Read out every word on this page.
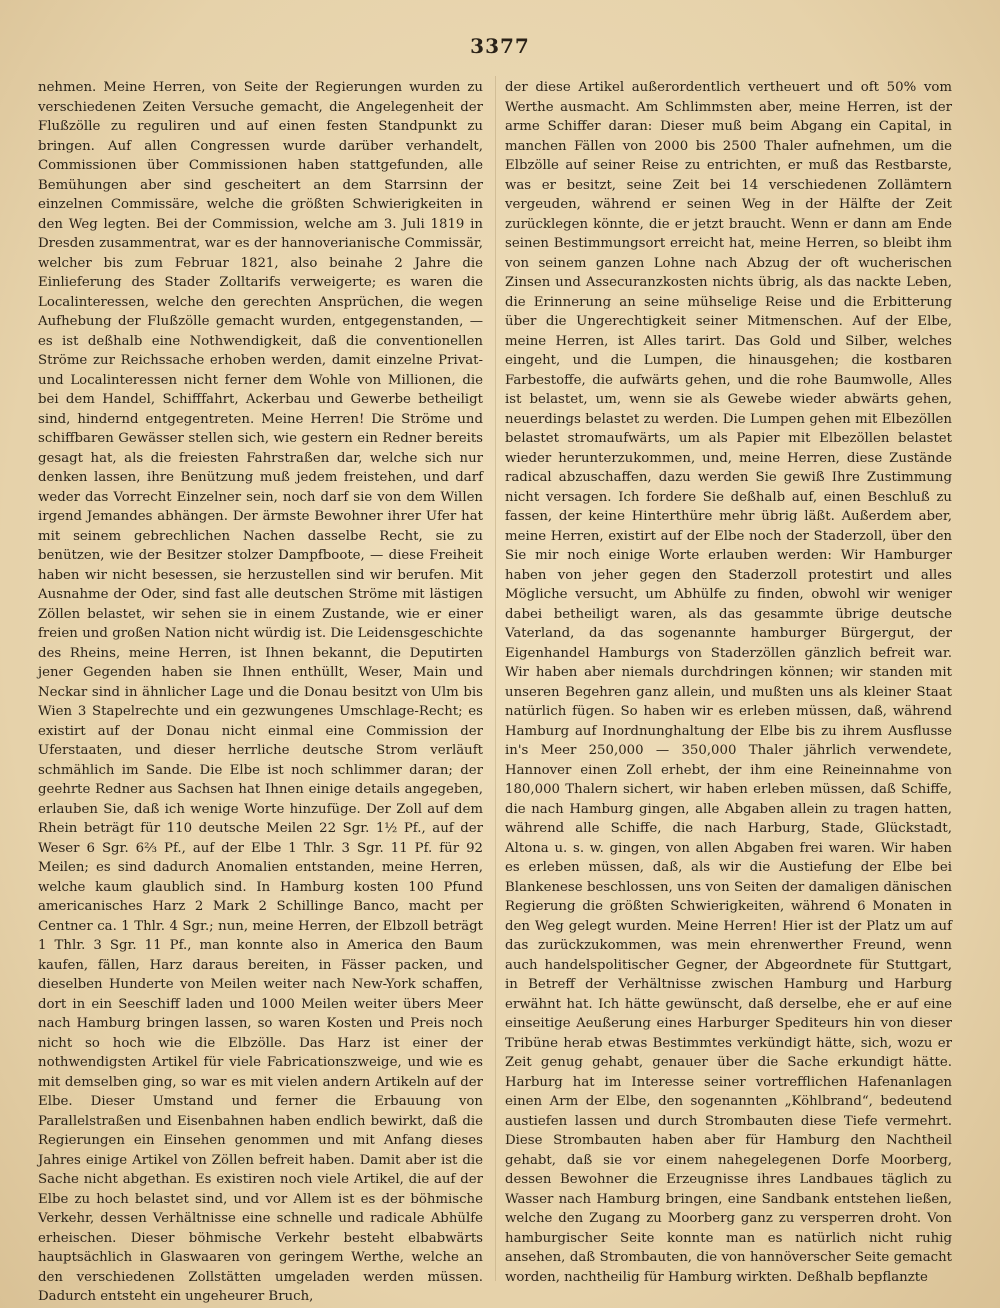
3377

nehmen. Meine Herren, von Seite der Regierungen wurden zu verschiedenen Zeiten Versuche gemacht, die Angelegenheit der Flußzölle zu reguliren und auf einen festen Standpunkt zu bringen. Auf allen Congressen wurde darüber verhandelt, Commissionen über Commissionen haben stattgefunden, alle Bemühungen aber sind gescheitert an dem Starrsinn der einzelnen Commissäre, welche die größten Schwierigkeiten in den Weg legten. Bei der Commission, welche am 3. Juli 1819 in Dresden zusammentrat, war es der hannoverianische Commissär, welcher bis zum Februar 1821, also beinahe 2 Jahre die Einlieferung des Stader Zolltarifs verweigerte; es waren die Localinteressen, welche den gerechten Ansprüchen, die wegen Aufhebung der Flußzölle gemacht wurden, entgegenstanden, — es ist deßhalb eine Nothwendigkeit, daß die conventionellen Ströme zur Reichssache erhoben werden, damit einzelne Privat- und Localinteressen nicht ferner dem Wohle von Millionen, die bei dem Handel, Schifffahrt, Ackerbau und Gewerbe betheiligt sind, hindernd entgegentreten. Meine Herren! Die Ströme und schiffbaren Gewässer stellen sich, wie gestern ein Redner bereits gesagt hat, als die freiesten Fahrstraßen dar, welche sich nur denken lassen, ihre Benützung muß jedem freistehen, und darf weder das Vorrecht Einzelner sein, noch darf sie von dem Willen irgend Jemandes abhängen. Der ärmste Bewohner ihrer Ufer hat mit seinem gebrechlichen Nachen dasselbe Recht, sie zu benützen, wie der Besitzer stolzer Dampfboote, — diese Freiheit haben wir nicht besessen, sie herzustellen sind wir berufen. Mit Ausnahme der Oder, sind fast alle deutschen Ströme mit lästigen Zöllen belastet, wir sehen sie in einem Zustande, wie er einer freien und großen Nation nicht würdig ist. Die Leidensgeschichte des Rheins, meine Herren, ist Ihnen bekannt, die Deputirten jener Gegenden haben sie Ihnen enthüllt, Weser, Main und Neckar sind in ähnlicher Lage und die Donau besitzt von Ulm bis Wien 3 Stapelrechte und ein gezwungenes Umschlage-Recht; es existirt auf der Donau nicht einmal eine Commission der Uferstaaten, und dieser herrliche deutsche Strom verläuft schmählich im Sande. Die Elbe ist noch schlimmer daran; der geehrte Redner aus Sachsen hat Ihnen einige details angegeben, erlauben Sie, daß ich wenige Worte hinzufüge. Der Zoll auf dem Rhein beträgt für 110 deutsche Meilen 22 Sgr. 1½ Pf., auf der Weser 6 Sgr. 6⅔ Pf., auf der Elbe 1 Thlr. 3 Sgr. 11 Pf. für 92 Meilen; es sind dadurch Anomalien entstanden, meine Herren, welche kaum glaublich sind. In Hamburg kosten 100 Pfund americanisches Harz 2 Mark 2 Schillinge Banco, macht per Centner ca. 1 Thlr. 4 Sgr.; nun, meine Herren, der Elbzoll beträgt 1 Thlr. 3 Sgr. 11 Pf., man konnte also in America den Baum kaufen, fällen, Harz daraus bereiten, in Fässer packen, und dieselben Hunderte von Meilen weiter nach New-York schaffen, dort in ein Seeschiff laden und 1000 Meilen weiter übers Meer nach Hamburg bringen lassen, so waren Kosten und Preis noch nicht so hoch wie die Elbzölle. Das Harz ist einer der nothwendigsten Artikel für viele Fabricationszweige, und wie es mit demselben ging, so war es mit vielen andern Artikeln auf der Elbe. Dieser Umstand und ferner die Erbauung von Parallelstraßen und Eisenbahnen haben endlich bewirkt, daß die Regierungen ein Einsehen genommen und mit Anfang dieses Jahres einige Artikel von Zöllen befreit haben. Damit aber ist die Sache nicht abgethan. Es existiren noch viele Artikel, die auf der Elbe zu hoch belastet sind, und vor Allem ist es der böhmische Verkehr, dessen Verhältnisse eine schnelle und radicale Abhülfe erheischen. Dieser böhmische Verkehr besteht elbabwärts hauptsächlich in Glaswaaren von geringem Werthe, welche an den verschiedenen Zollstätten umgeladen werden müssen. Dadurch entsteht ein ungeheurer Bruch,

der diese Artikel außerordentlich vertheuert und oft 50% vom Werthe ausmacht. Am Schlimmsten aber, meine Herren, ist der arme Schiffer daran: Dieser muß beim Abgang ein Capital, in manchen Fällen von 2000 bis 2500 Thaler aufnehmen, um die Elbzölle auf seiner Reise zu entrichten, er muß das Restbarste, was er besitzt, seine Zeit bei 14 verschiedenen Zollämtern vergeuden, während er seinen Weg in der Hälfte der Zeit zurücklegen könnte, die er jetzt braucht. Wenn er dann am Ende seinen Bestimmungsort erreicht hat, meine Herren, so bleibt ihm von seinem ganzen Lohne nach Abzug der oft wucherischen Zinsen und Assecuranzkosten nichts übrig, als das nackte Leben, die Erinnerung an seine mühselige Reise und die Erbitterung über die Ungerechtigkeit seiner Mitmenschen. Auf der Elbe, meine Herren, ist Alles tarirt. Das Gold und Silber, welches eingeht, und die Lumpen, die hinausgehen; die kostbaren Farbestoffe, die aufwärts gehen, und die rohe Baumwolle, Alles ist belastet, um, wenn sie als Gewebe wieder abwärts gehen, neuerdings belastet zu werden. Die Lumpen gehen mit Elbezöllen belastet stromaufwärts, um als Papier mit Elbezöllen belastet wieder herunterzukommen, und, meine Herren, diese Zustände radical abzuschaffen, dazu werden Sie gewiß Ihre Zustimmung nicht versagen. Ich fordere Sie deßhalb auf, einen Beschluß zu fassen, der keine Hinterthüre mehr übrig läßt. Außerdem aber, meine Herren, existirt auf der Elbe noch der Staderzoll, über den Sie mir noch einige Worte erlauben werden: Wir Hamburger haben von jeher gegen den Staderzoll protestirt und alles Mögliche versucht, um Abhülfe zu finden, obwohl wir weniger dabei betheiligt waren, als das gesammte übrige deutsche Vaterland, da das sogenannte hamburger Bürgergut, der Eigenhandel Hamburgs von Staderzöllen gänzlich befreit war. Wir haben aber niemals durchdringen können; wir standen mit unseren Begehren ganz allein, und mußten uns als kleiner Staat natürlich fügen. So haben wir es erleben müssen, daß, während Hamburg auf Inordnunghaltung der Elbe bis zu ihrem Ausflusse in's Meer 250,000 — 350,000 Thaler jährlich verwendete, Hannover einen Zoll erhebt, der ihm eine Reineinnahme von 180,000 Thalern sichert, wir haben erleben müssen, daß Schiffe, die nach Hamburg gingen, alle Abgaben allein zu tragen hatten, während alle Schiffe, die nach Harburg, Stade, Glückstadt, Altona u. s. w. gingen, von allen Abgaben frei waren. Wir haben es erleben müssen, daß, als wir die Austiefung der Elbe bei Blankenese beschlossen, uns von Seiten der damaligen dänischen Regierung die größten Schwierigkeiten, während 6 Monaten in den Weg gelegt wurden. Meine Herren! Hier ist der Platz um auf das zurückzukommen, was mein ehrenwerther Freund, wenn auch handelspolitischer Gegner, der Abgeordnete für Stuttgart, in Betreff der Verhältnisse zwischen Hamburg und Harburg erwähnt hat. Ich hätte gewünscht, daß derselbe, ehe er auf eine einseitige Aeußerung eines Harburger Spediteurs hin von dieser Tribüne herab etwas Bestimmtes verkündigt hätte, sich, wozu er Zeit genug gehabt, genauer über die Sache erkundigt hätte. Harburg hat im Interesse seiner vortrefflichen Hafenanlagen einen Arm der Elbe, den sogenannten „Köhlbrand“, bedeutend austiefen lassen und durch Strombauten diese Tiefe vermehrt. Diese Strombauten haben aber für Hamburg den Nachtheil gehabt, daß sie vor einem nahegelegenen Dorfe Moorberg, dessen Bewohner die Erzeugnisse ihres Landbaues täglich zu Wasser nach Hamburg bringen, eine Sandbank entstehen ließen, welche den Zugang zu Moorberg ganz zu versperren droht. Von hamburgischer Seite konnte man es natürlich nicht ruhig ansehen, daß Strombauten, die von hannöverscher Seite gemacht worden, nachtheilig für Hamburg wirkten. Deßhalb bepflanzte
